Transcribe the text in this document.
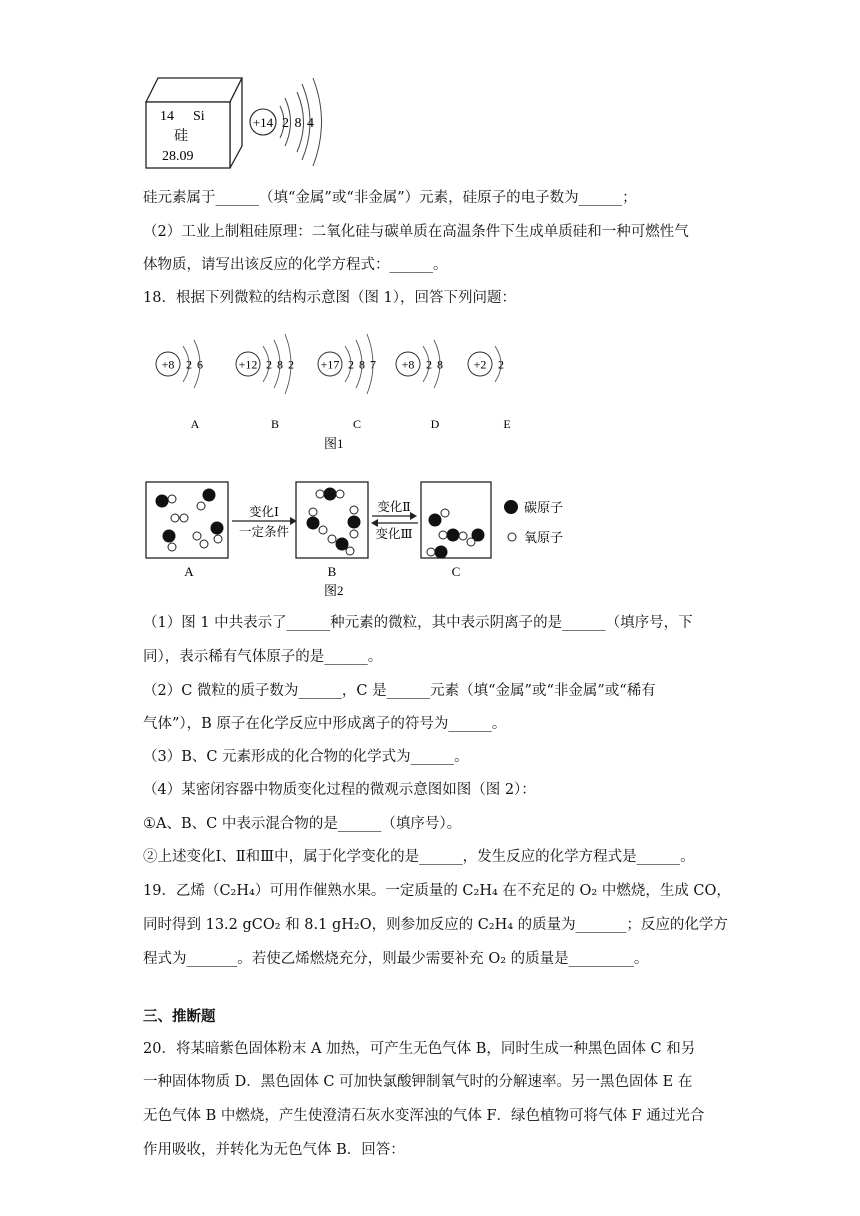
14 Si
硅
28.09
+14 2 8 4
硅元素属于______（填“金属”或“非金属”）元素，硅原子的电子数为______；
（2）工业上制粗硅原理：二氧化硅与碳单质在高温条件下生成单质硅和一种可燃性气
体物质，请写出该反应的化学方程式：______。
18．根据下列微粒的结构示意图（图 1），回答下列问题：
图1
+8 2 6
A
+12 2 8 2
B
+17 2 8 7
C
+8 2 8
D
+2 2
E
A
变化Ⅰ
一定条件
B
变化Ⅱ
变化Ⅲ
C
碳原子
氧原子
图2
（1）图 1 中共表示了______种元素的微粒，其中表示阴离子的是______（填序号，下
同），表示稀有气体原子的是______。
（2）C 微粒的质子数为______，C 是______元素（填“金属”或“非金属”或“稀有
气体”），B 原子在化学反应中形成离子的符号为______。
（3）B、C 元素形成的化合物的化学式为______。
（4）某密闭容器中物质变化过程的微观示意图如图（图 2）：
①A、B、C 中表示混合物的是______（填序号）。
②上述变化Ⅰ、Ⅱ和Ⅲ中，属于化学变化的是______，发生反应的化学方程式是______。
19．乙烯（C₂H₄）可用作催熟水果。一定质量的 C₂H₄ 在不充足的 O₂ 中燃烧，生成 CO，
同时得到 13.2 gCO₂ 和 8.1 gH₂O，则参加反应的 C₂H₄ 的质量为_______；反应的化学方
程式为_______。若使乙烯燃烧充分，则最少需要补充 O₂ 的质量是_________。
三、推断题
20．将某暗紫色固体粉末 A 加热，可产生无色气体 B，同时生成一种黑色固体 C 和另
一种固体物质 D．黑色固体 C 可加快氯酸钾制氧气时的分解速率。另一黑色固体 E 在
无色气体 B 中燃烧，产生使澄清石灰水变浑浊的气体 F．绿色植物可将气体 F 通过光合
作用吸收，并转化为无色气体 B．回答：
